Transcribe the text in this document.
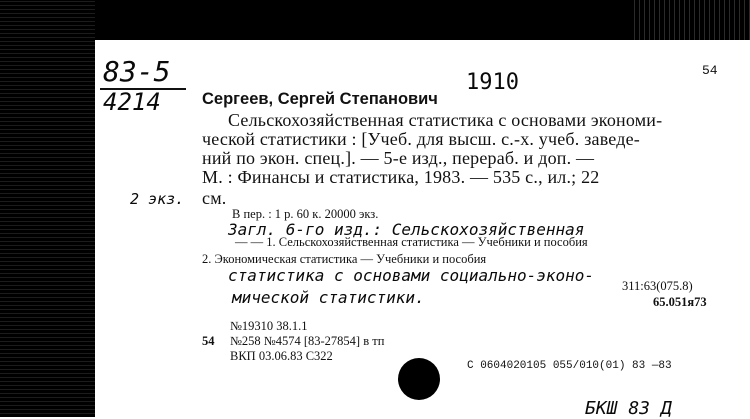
83-5
4214
1910	54
Сергеев, Сергей Степанович
Сельскохозяйственная статистика с основами экономи-
ческой статистики : [Учеб. для высш. с.-х. учеб. заведе-
ний по экон. спец.]. — 5-е изд., перераб. и доп. —
М. : Финансы и статистика, 1983. — 535 с., ил.; 22
см.
2 экз.
В пер. : 1 р. 60 к. 20000 экз.
Загл. 6-го изд.: Сельскохозяйственная
— — 1. Сельскохозяйственная статистика — Учебники и пособия
2. Экономическая статистика — Учебники и пособия
статистика с основами социально-эконо-
мической статистики.
311:63(075.8)
65.051я73
№19310 38.1.1
54 №258 №4574 [83-27854] в тп
ВКП 03.06.83 С322
С 0604020105 055/010(01) 83 —83
БКШ 83 Д
